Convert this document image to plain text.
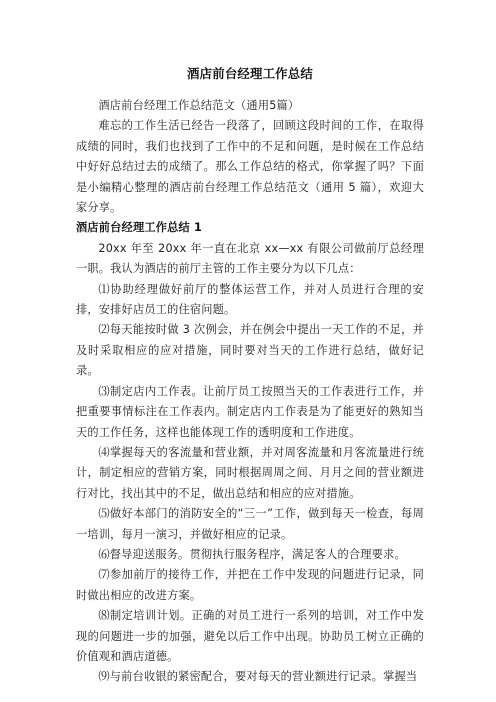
酒店前台经理工作总结

酒店前台经理工作总结范文（通用5篇）

难忘的工作生活已经告一段落了，回顾这段时间的工作，在取得成绩的同时，我们也找到了工作中的不足和问题，是时候在工作总结中好好总结过去的成绩了。那么工作总结的格式，你掌握了吗？下面是小编精心整理的酒店前台经理工作总结范文（通用 5 篇），欢迎大家分享。

酒店前台经理工作总结 1

20xx 年至 20xx 年一直在北京 xx—xx 有限公司做前厅总经理一职。我认为酒店的前厅主管的工作主要分为以下几点：

⑴协助经理做好前厅的整体运营工作，并对人员进行合理的安排，安排好店员工的住宿问题。

⑵每天能按时做 3 次例会，并在例会中提出一天工作的不足，并及时采取相应的应对措施，同时要对当天的工作进行总结，做好记录。

⑶制定店内工作表。让前厅员工按照当天的工作表进行工作，并把重要事情标注在工作表内。制定店内工作表是为了能更好的熟知当天的工作任务，这样也能体现工作的透明度和工作进度。

⑷掌握每天的客流量和营业额，并对周客流量和月客流量进行统计，制定相应的营销方案，同时根据周周之间、月月之间的营业额进行对比，找出其中的不足，做出总结和相应的应对措施。

⑸做好本部门的消防安全的“三一”工作，做到每天一检查，每周一培训，每月一演习，并做好相应的记录。

⑹督导迎送服务。贯彻执行服务程序，满足客人的合理要求。

⑺参加前厅的接待工作，并把在工作中发现的问题进行记录，同时做出相应的改进方案。

⑻制定培训计划。正确的对员工进行一系列的培训，对工作中发现的问题进一步的加强，避免以后工作中出现。协助员工树立正确的价值观和酒店道德。

⑼与前台收银的紧密配合，要对每天的营业额进行记录。掌握当
